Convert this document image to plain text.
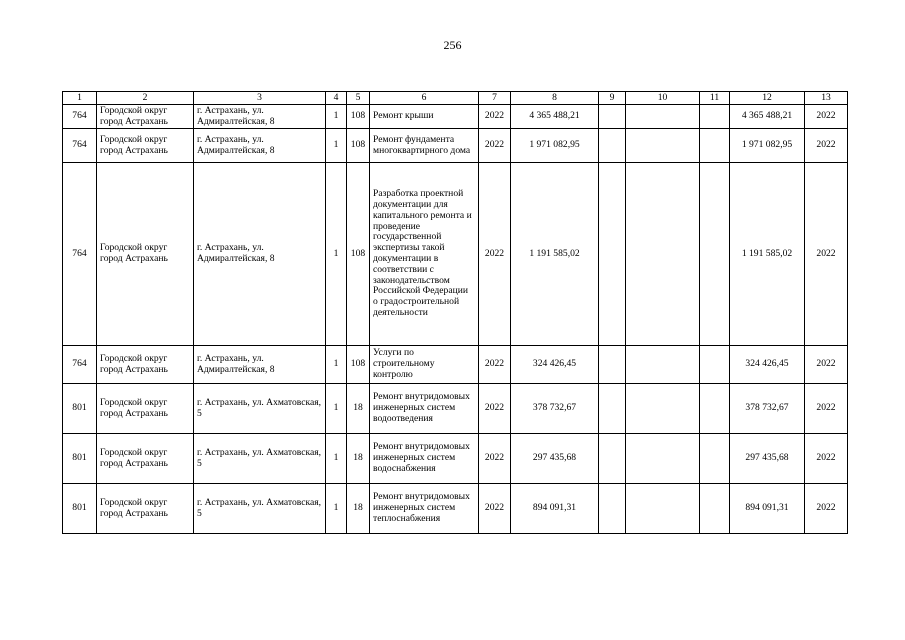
256
1	2	3	4	5	6	7	8	9	10	11	12	13
764	Городской округ город Астрахань	г. Астрахань, ул. Адмиралтейская, 8	1	108	Ремонт крыши	2022	4 365 488,21				4 365 488,21	2022
764	Городской округ город Астрахань	г. Астрахань, ул. Адмиралтейская, 8	1	108	Ремонт фундамента многоквартирного дома	2022	1 971 082,95				1 971 082,95	2022
764	Городской округ город Астрахань	г. Астрахань, ул. Адмиралтейская, 8	1	108	Разработка проектной документации для капитального ремонта и проведение государственной экспертизы такой документации в соответствии с законодательством Российской Федерации о градостроительной деятельности	2022	1 191 585,02				1 191 585,02	2022
764	Городской округ город Астрахань	г. Астрахань, ул. Адмиралтейская, 8	1	108	Услуги по строительному контролю	2022	324 426,45				324 426,45	2022
801	Городской округ город Астрахань	г. Астрахань, ул. Ахматовская, 5	1	18	Ремонт внутридомовых инженерных систем водоотведения	2022	378 732,67				378 732,67	2022
801	Городской округ город Астрахань	г. Астрахань, ул. Ахматовская, 5	1	18	Ремонт внутридомовых инженерных систем водоснабжения	2022	297 435,68				297 435,68	2022
801	Городской округ город Астрахань	г. Астрахань, ул. Ахматовская, 5	1	18	Ремонт внутридомовых инженерных систем теплоснабжения	2022	894 091,31				894 091,31	2022
